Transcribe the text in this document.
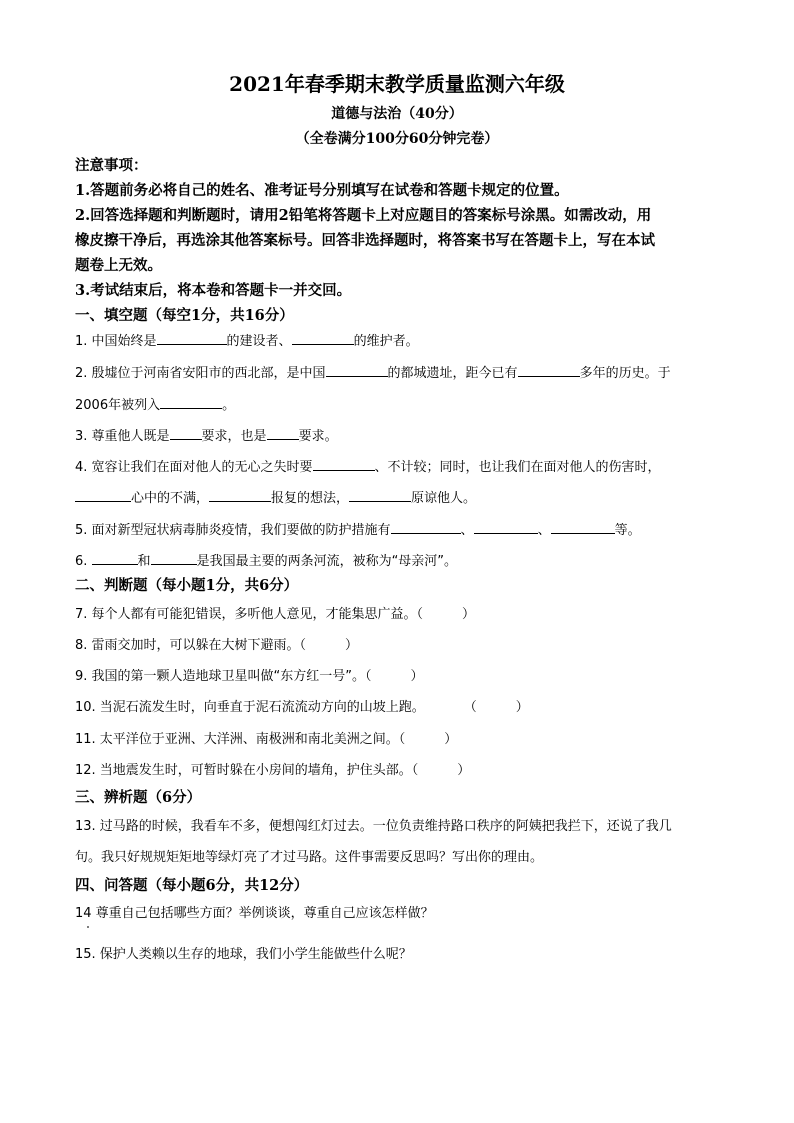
2021年春季期末教学质量监测六年级
道德与法治（40分）
（全卷满分100分60分钟完卷）
注意事项：
1.答题前务必将自己的姓名、准考证号分别填写在试卷和答题卡规定的位置。
2.回答选择题和判断题时，请用2铅笔将答题卡上对应题目的答案标号涂黑。如需改动，用
橡皮擦干净后，再选涂其他答案标号。回答非选择题时，将答案书写在答题卡上，写在本试
题卷上无效。
3.考试结束后，将本卷和答题卡一并交回。
一、填空题（每空1分，共16分）
1. 中国始终是	的建设者、	的维护者。
2. 殷墟位于河南省安阳市的西北部，是中国	的都城遗址，距今已有	多年的历史。于
2006年被列入	。
3. 尊重他人既是 要求，也是 要求。
4. 宽容让我们在面对他人的无心之失时要	、不计较；同时，也让我们在面对他人的伤害时，
心中的不满，	报复的想法，	原谅他人。
5. 面对新型冠状病毒肺炎疫情，我们要做的防护措施有	、	、	等。
6.	和	是我国最主要的两条河流，被称为“母亲河”。
二、判断题（每小题1分，共6分）
7. 每个人都有可能犯错误，多听他人意见，才能集思广益。（　　　）
8. 雷雨交加时，可以躲在大树下避雨。（　　　）
9. 我国的第一颗人造地球卫星叫做“东方红一号”。（　　　）
10. 当泥石流发生时，向垂直于泥石流流动方向的山坡上跑。　　　　（　　　）
11. 太平洋位于亚洲、大洋洲、南极洲和南北美洲之间。（　　　）
12. 当地震发生时，可暂时躲在小房间的墙角，护住头部。（　　　）
三、辨析题（6分）
13. 过马路的时候，我看车不多，便想闯红灯过去。一位负责维持路口秩序的阿姨把我拦下，还说了我几
句。我只好规规矩矩地等绿灯亮了才过马路。这件事需要反思吗？写出你的理由。
四、问答题（每小题6分，共12分）
14 尊重自己包括哪些方面？举例谈谈，尊重自己应该怎样做？
15. 保护人类赖以生存的地球，我们小学生能做些什么呢？
